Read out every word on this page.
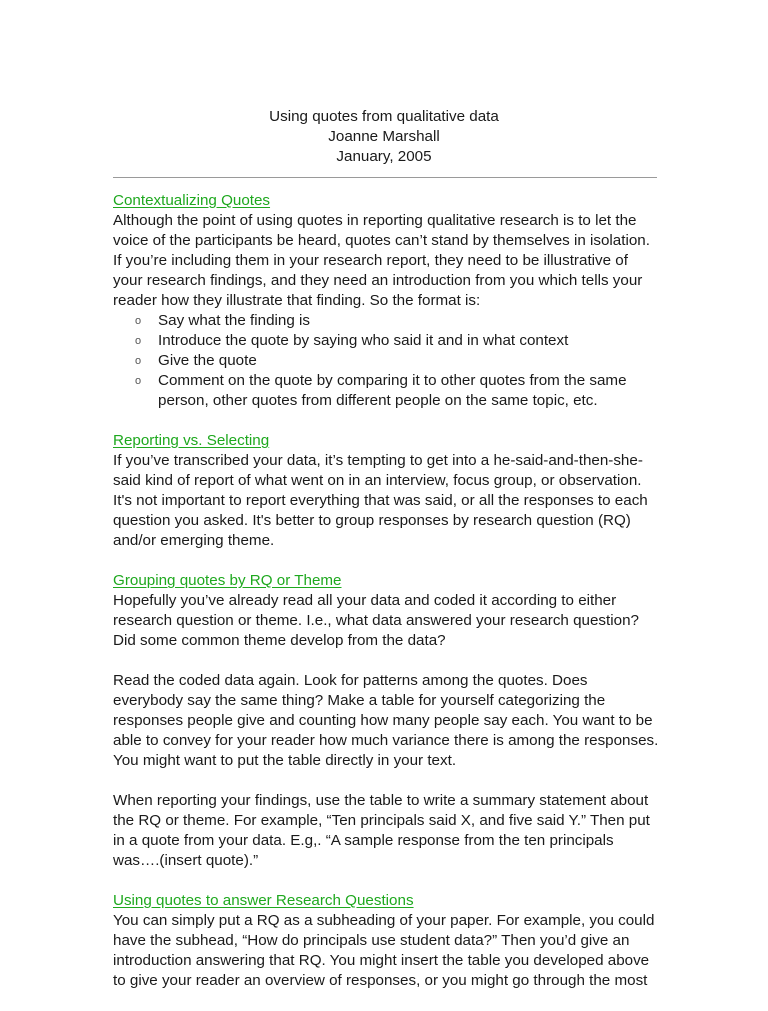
Using quotes from qualitative data
Joanne Marshall
January, 2005
Contextualizing Quotes
Although the point of using quotes in reporting qualitative research is to let the
voice of the participants be heard, quotes can’t stand by themselves in isolation.
If you’re including them in your research report, they need to be illustrative of
your research findings, and they need an introduction from you which tells your
reader how they illustrate that finding. So the format is:
o Say what the finding is
o Introduce the quote by saying who said it and in what context
o Give the quote
o Comment on the quote by comparing it to other quotes from the same
person, other quotes from different people on the same topic, etc.
Reporting vs. Selecting
If you’ve transcribed your data, it’s tempting to get into a he-said-and-then-she-
said kind of report of what went on in an interview, focus group, or observation.
It's not important to report everything that was said, or all the responses to each
question you asked. It's better to group responses by research question (RQ)
and/or emerging theme.
Grouping quotes by RQ or Theme
Hopefully you’ve already read all your data and coded it according to either
research question or theme. I.e., what data answered your research question?
Did some common theme develop from the data?
Read the coded data again. Look for patterns among the quotes. Does
everybody say the same thing? Make a table for yourself categorizing the
responses people give and counting how many people say each. You want to be
able to convey for your reader how much variance there is among the responses.
You might want to put the table directly in your text.
When reporting your findings, use the table to write a summary statement about
the RQ or theme. For example, “Ten principals said X, and five said Y.” Then put
in a quote from your data. E.g,. “A sample response from the ten principals
was….(insert quote).”
Using quotes to answer Research Questions
You can simply put a RQ as a subheading of your paper. For example, you could
have the subhead, “How do principals use student data?” Then you’d give an
introduction answering that RQ. You might insert the table you developed above
to give your reader an overview of responses, or you might go through the most
